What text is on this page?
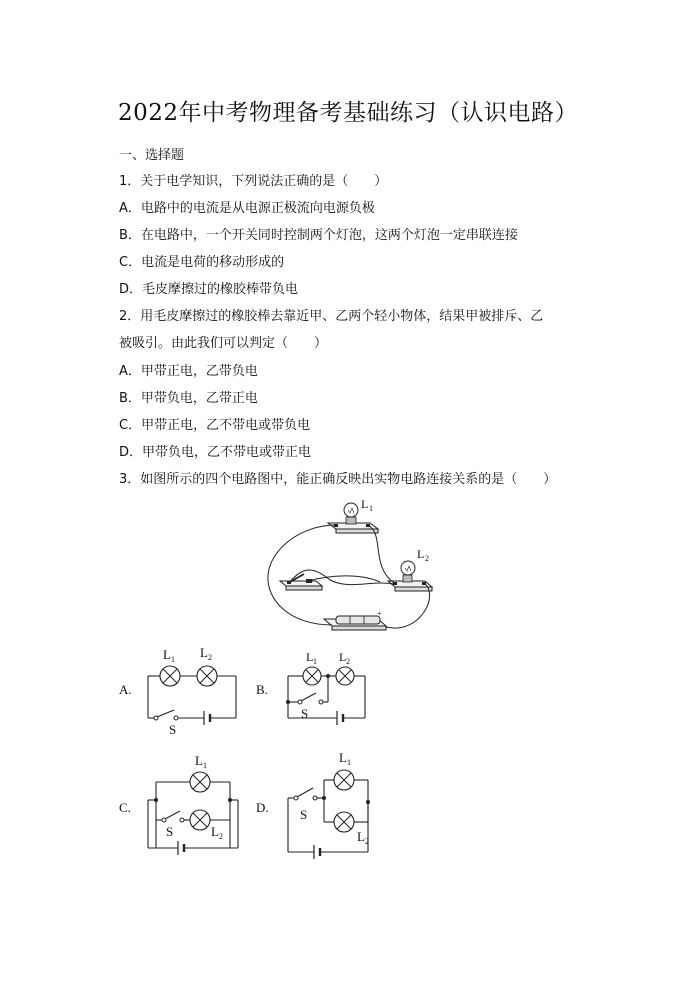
2022年中考物理备考基础练习（认识电路）
一、选择题
1．关于电学知识，下列说法正确的是（　　）
A．电路中的电流是从电源正极流向电源负极
B．在电路中，一个开关同时控制两个灯泡，这两个灯泡一定串联连接
C．电流是电荷的移动形成的
D．毛皮摩擦过的橡胶棒带负电
2．用毛皮摩擦过的橡胶棒去靠近甲、乙两个轻小物体，结果甲被排斥、乙
被吸引。由此我们可以判定（　　）
A．甲带正电，乙带负电
B．甲带负电，乙带正电
C．甲带正电，乙不带电或带负电
D．甲带负电，乙不带电或带正电
3．如图所示的四个电路图中，能正确反映出实物电路连接关系的是（　　）
L 1
L 2
+
A.
L 1 L 2
S
B.
L 1 L 2
S
C.
L 1
L 2
S
D.
L 1
L 2
S
